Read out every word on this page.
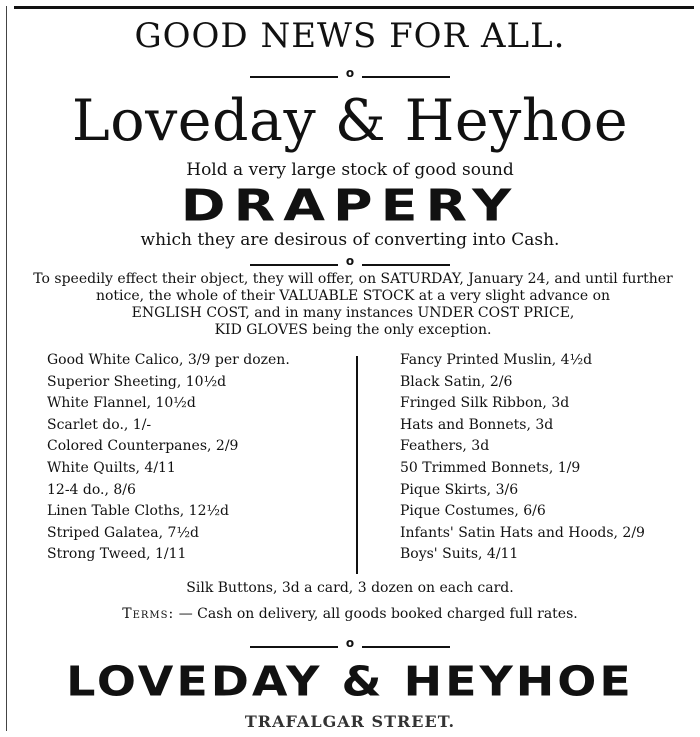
GOOD NEWS FOR ALL.
o
Loveday & Heyhoe
Hold a very large stock of good sound
DRAPERY
which they are desirous of converting into Cash.
o
To speedily effect their object, they will offer, on SATURDAY, January 24, and until further
notice, the whole of their VALUABLE STOCK at a very slight advance on
ENGLISH COST, and in many instances UNDER COST PRICE,
KID GLOVES being the only exception.
Good White Calico, 3/9 per dozen.
Superior Sheeting, 10½d
White Flannel, 10½d
Scarlet do., 1/-
Colored Counterpanes, 2/9
White Quilts, 4/11
12-4 do., 8/6
Linen Table Cloths, 12½d
Striped Galatea, 7½d
Strong Tweed, 1/11
Fancy Printed Muslin, 4½d
Black Satin, 2/6
Fringed Silk Ribbon, 3d
Hats and Bonnets, 3d
Feathers, 3d
50 Trimmed Bonnets, 1/9
Pique Skirts, 3/6
Pique Costumes, 6/6
Infants' Satin Hats and Hoods, 2/9
Boys' Suits, 4/11
Silk Buttons, 3d a card, 3 dozen on each card.
Terms: — Cash on delivery, all goods booked charged full rates.
o
LOVEDAY & HEYHOE
TRAFALGAR STREET.
